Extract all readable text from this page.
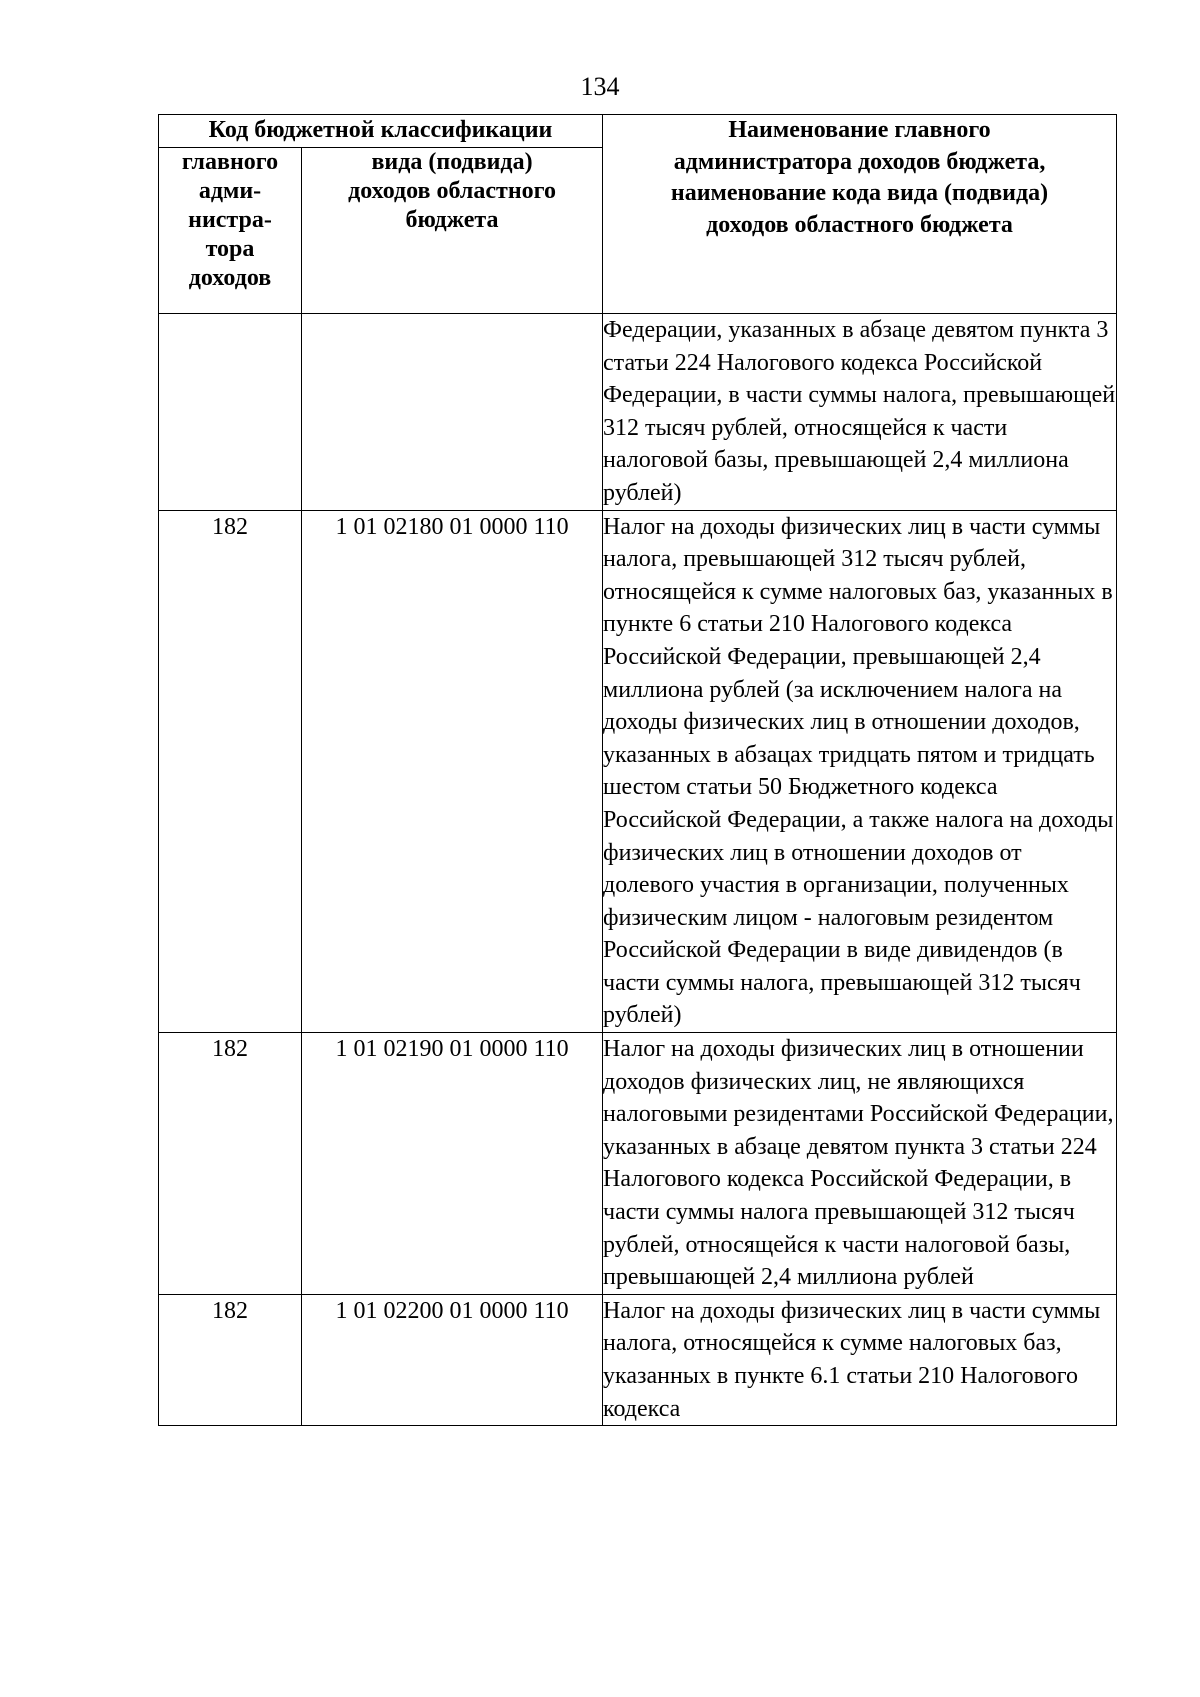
134
Код бюджетной классификации		Наименование главного
администратора доходов бюджета,
наименование кода вида (подвида)
доходов областного бюджета
главного
адми-
нистра-
тора
доходов	вида (подвида)
доходов областного
бюджета	
		Федерации, указанных в абзаце девятом пункта 3 статьи 224 Налогового кодекса Российской Федерации, в части суммы налога, превышающей 312 тысяч рублей, относящейся к части налоговой базы, превышающей 2,4 миллиона рублей)
182	1 01 02180 01 0000 110	Налог на доходы физических лиц в части суммы налога, превышающей 312 тысяч рублей, относящейся к сумме налоговых баз, указанных в пункте 6 статьи 210 Налогового кодекса Российской Федерации, превышающей 2,4 миллиона рублей (за исключением налога на доходы физических лиц в отношении доходов, указанных в абзацах тридцать пятом и тридцать шестом статьи 50 Бюджетного кодекса Российской Федерации, а также налога на доходы физических лиц в отношении доходов от долевого участия в организации, полученных физическим лицом - налоговым резидентом Российской Федерации в виде дивидендов (в части суммы налога, превышающей 312 тысяч рублей)
182	1 01 02190 01 0000 110	Налог на доходы физических лиц в отношении доходов физических лиц, не являющихся налоговыми резидентами Российской Федерации, указанных в абзаце девятом пункта 3 статьи 224 Налогового кодекса Российской Федерации, в части суммы налога превышающей 312 тысяч рублей, относящейся к части налоговой базы, превышающей 2,4 миллиона рублей
182	1 01 02200 01 0000 110	Налог на доходы физических лиц в части суммы налога, относящейся к сумме налоговых баз, указанных в пункте 6.1 статьи 210 Налогового кодекса
